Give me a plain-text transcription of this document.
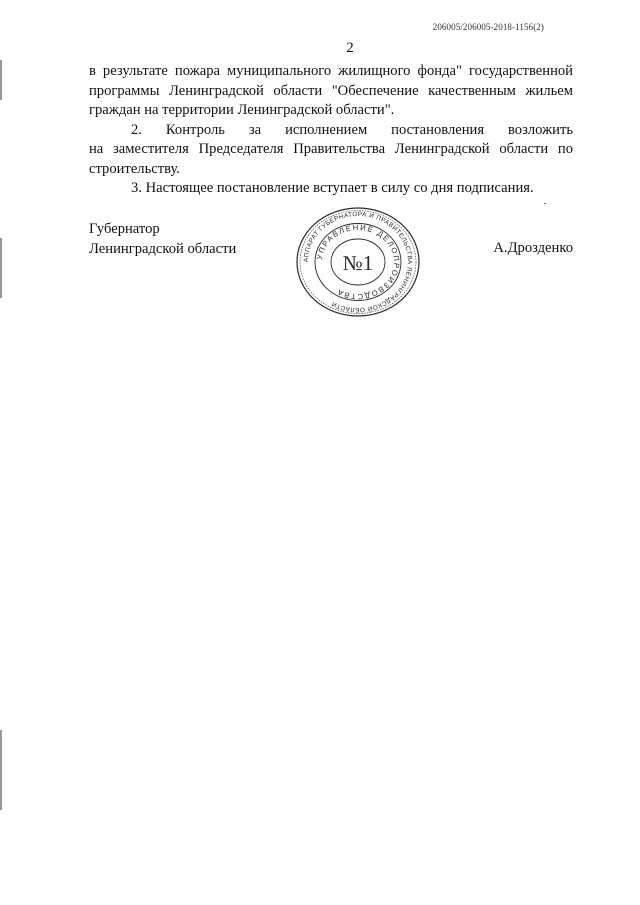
206005/206005-2018-1156(2)
2

в результате пожара муниципального жилищного фонда" государственной программы Ленинградской области "Обеспечение качественным жильем граждан на территории Ленинградской области".

2.     Контроль     за     исполнением     постановления     возложить

на заместителя Председателя Правительства Ленинградской области по строительству.

3. Настоящее постановление вступает в силу со дня подписания.

Губернатор
Ленинградской области	А.Дрозденко
АППАРАТ ГУБЕРНАТОРА И ПРАВИТЕЛЬСТВА ЛЕНИНГРАДСКОЙ ОБЛАСТИ
УПРАВЛЕНИЕ ДЕЛОПРОИЗВОДСТВА
№1
